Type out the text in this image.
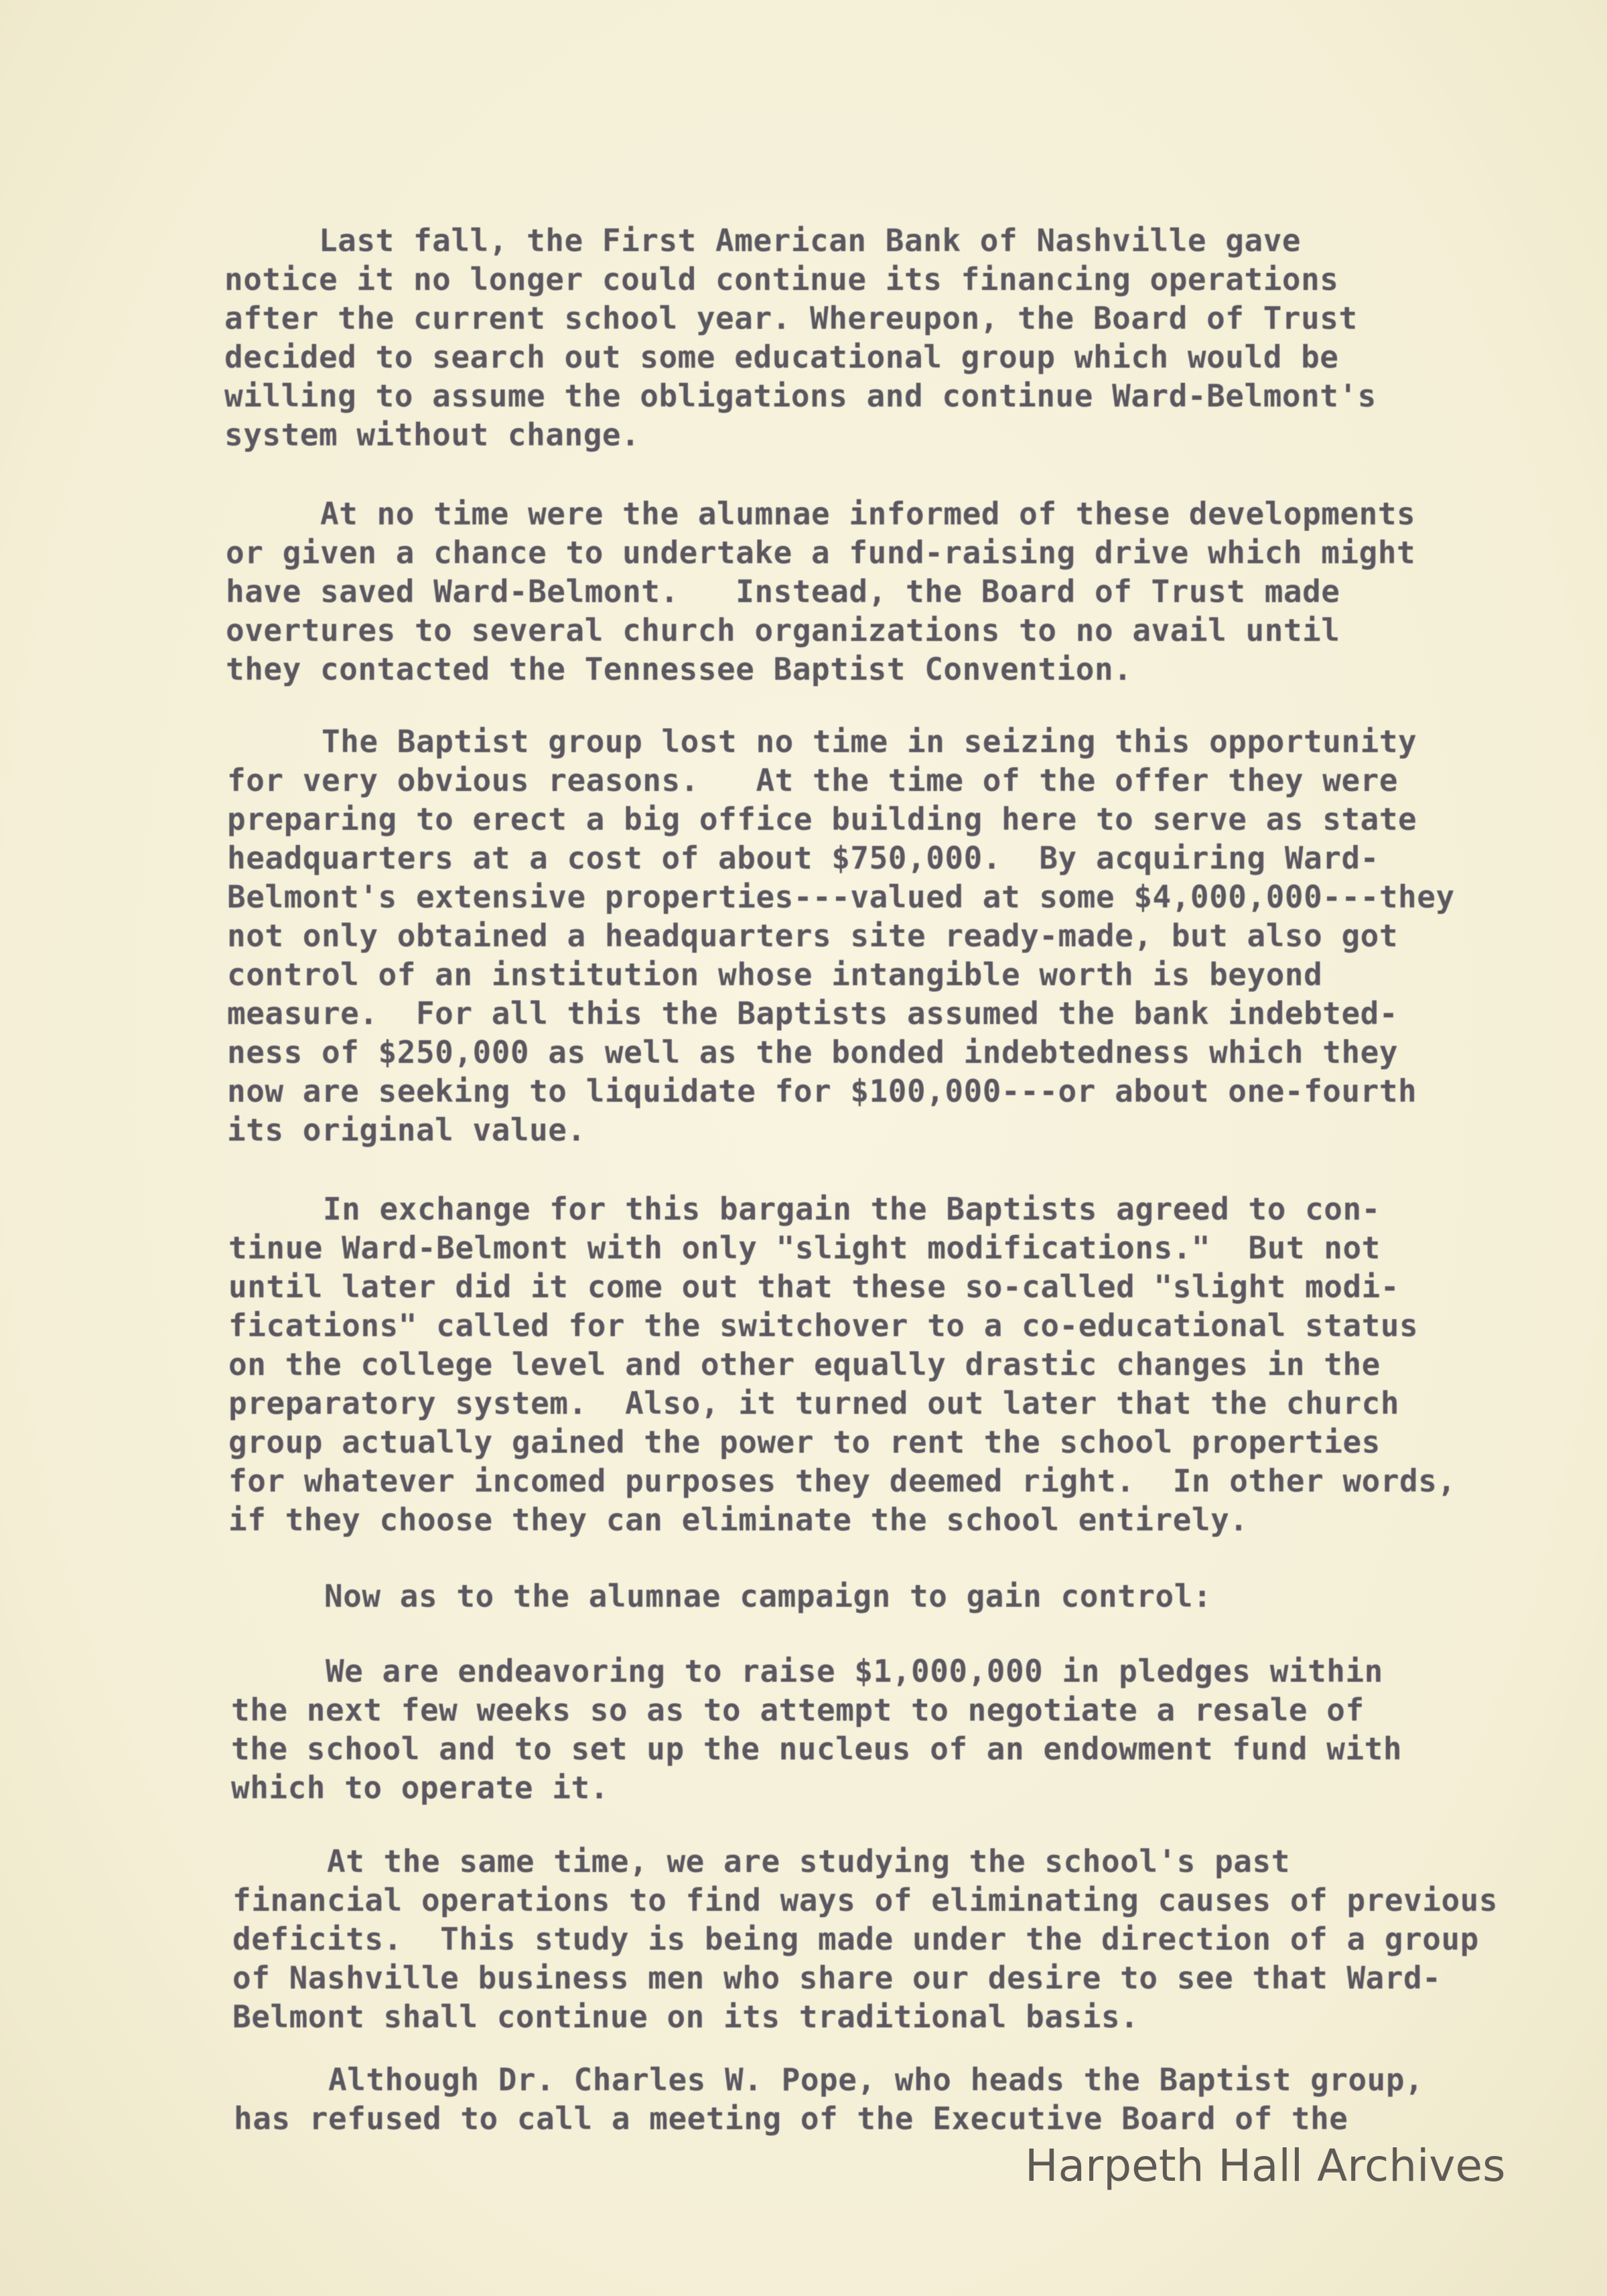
Last fall, the First American Bank of Nashville gave
notice it no longer could continue its financing operations
after the current school year. Whereupon, the Board of Trust
decided to search out some educational group which would be
willing to assume the obligations and continue Ward-Belmont's
system without change.
At no time were the alumnae informed of these developments
or given a chance to undertake a fund-raising drive which might
have saved Ward-Belmont.   Instead, the Board of Trust made
overtures to several church organizations to no avail until
they contacted the Tennessee Baptist Convention.
The Baptist group lost no time in seizing this opportunity
for very obvious reasons.   At the time of the offer they were
preparing to erect a big office building here to serve as state
headquarters at a cost of about $750,000.  By acquiring Ward-
Belmont's extensive properties---valued at some $4,000,000---they
not only obtained a headquarters site ready-made, but also got
control of an institution whose intangible worth is beyond
measure.  For all this the Baptists assumed the bank indebted-
ness of $250,000 as well as the bonded indebtedness which they
now are seeking to liquidate for $100,000---or about one-fourth
its original value.
In exchange for this bargain the Baptists agreed to con-
tinue Ward-Belmont with only "slight modifications."  But not
until later did it come out that these so-called "slight modi-
fications" called for the switchover to a co-educational status
on the college level and other equally drastic changes in the
preparatory system.  Also, it turned out later that the church
group actually gained the power to rent the school properties
for whatever incomed purposes they deemed right.  In other words,
if they choose they can eliminate the school entirely.
Now as to the alumnae campaign to gain control:
We are endeavoring to raise $1,000,000 in pledges within
the next few weeks so as to attempt to negotiate a resale of
the school and to set up the nucleus of an endowment fund with
which to operate it.
At the same time, we are studying the school's past
financial operations to find ways of eliminating causes of previous
deficits.  This study is being made under the direction of a group
of Nashville business men who share our desire to see that Ward-
Belmont shall continue on its traditional basis.
Although Dr. Charles W. Pope, who heads the Baptist group,
has refused to call a meeting of the Executive Board of the
Harpeth Hall Archives
